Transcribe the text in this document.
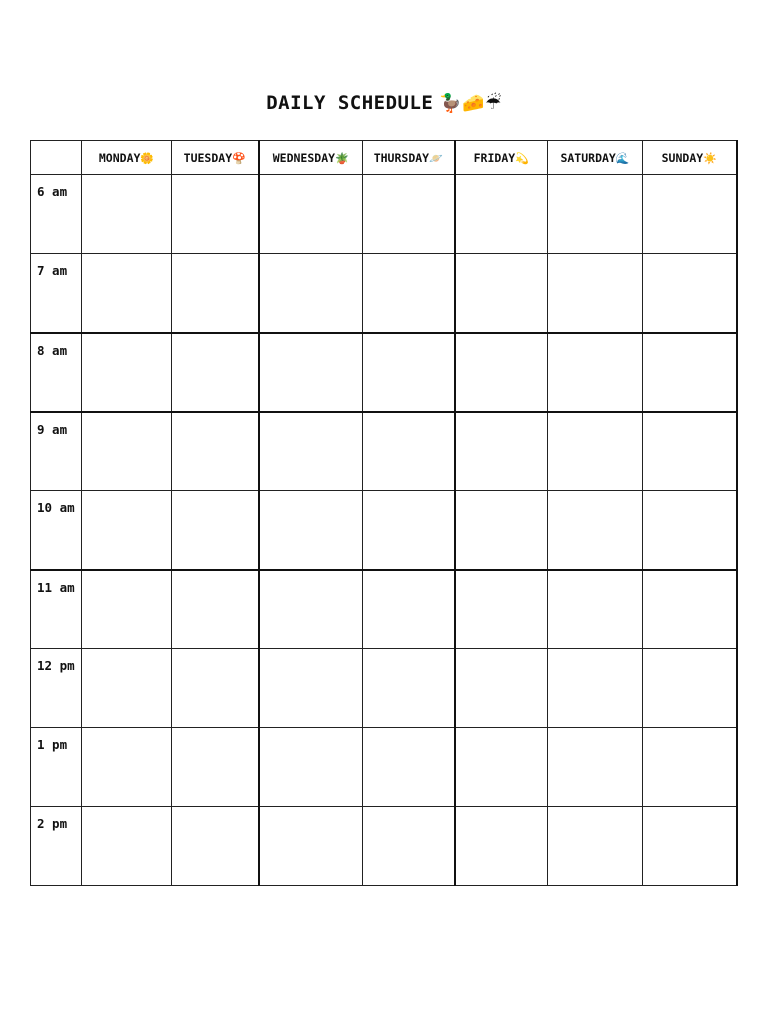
DAILY SCHEDULE 🦆🧀☔
	MONDAY🌼	TUESDAY🍄	WEDNESDAY🪴	THURSDAY🪐	FRIDAY💫	SATURDAY🌊	SUNDAY☀️
6 am							
7 am							
8 am							
9 am							
10 am							
11 am							
12 pm							
1 pm							
2 pm							
